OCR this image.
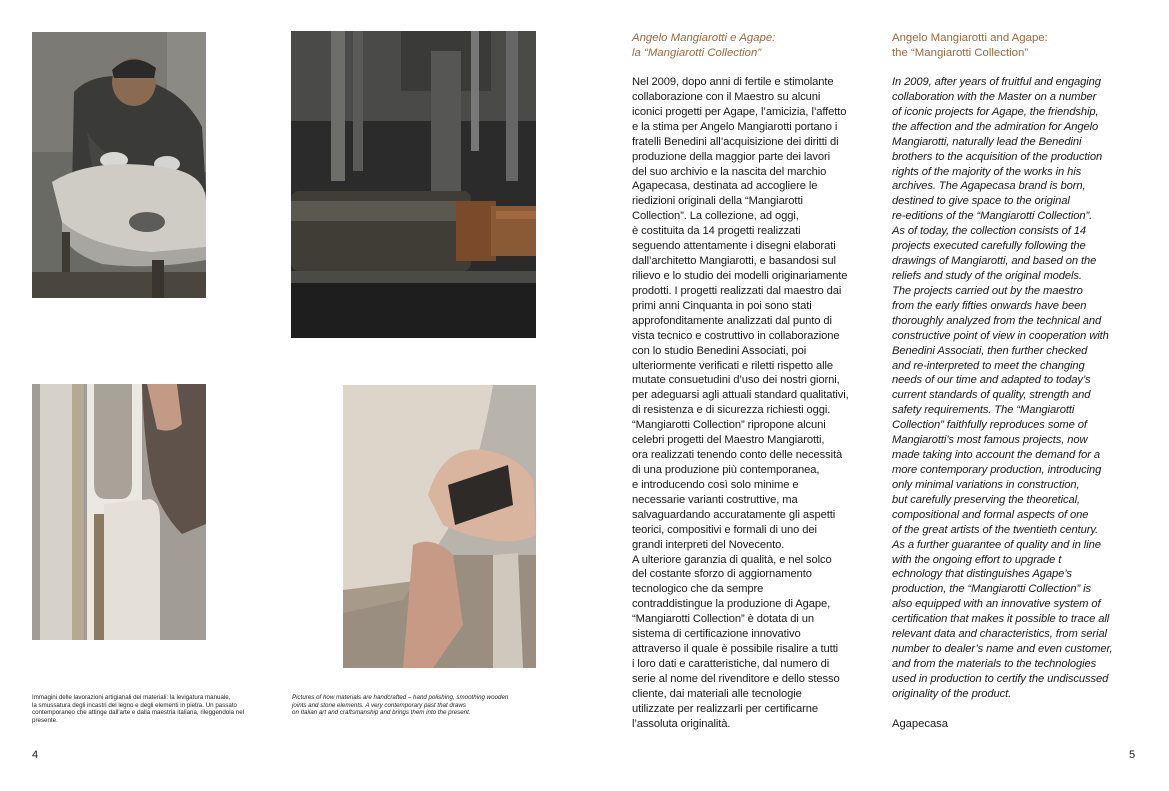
Immagini delle lavorazioni artigianali dei materiali: la levigatura manuale,
la smussatura degli incastri del legno e degli elementi in pietra. Un passato
contemporaneo che attinge dall'arte e dalla maestria italiana, rileggendola nel
presente.

Pictures of how materials are handcrafted – hand polishing, smoothing wooden
joints and stone elements. A very contemporary past that draws
on Italian art and craftsmanship and brings them into the present.

4
Angelo Mangiarotti e Agape:
la “Mangiarotti Collection”

Nel 2009, dopo anni di fertile e stimolante
collaborazione con il Maestro su alcuni
iconici progetti per Agape, l’amicizia, l’affetto
e la stima per Angelo Mangiarotti portano i
fratelli Benedini all’acquisizione dei diritti di
produzione della maggior parte dei lavori
del suo archivio e la nascita del marchio
Agapecasa, destinata ad accogliere le
riedizioni originali della “Mangiarotti
Collection”. La collezione, ad oggi,
è costituita da 14 progetti realizzati
seguendo attentamente i disegni elaborati
dall’architetto Mangiarotti, e basandosi sul
rilievo e lo studio dei modelli originariamente
prodotti. I progetti realizzati dal maestro dai
primi anni Cinquanta in poi sono stati
approfonditamente analizzati dal punto di
vista tecnico e costruttivo in collaborazione
con lo studio Benedini Associati, poi
ulteriormente verificati e riletti rispetto alle
mutate consuetudini d’uso dei nostri giorni,
per adeguarsi agli attuali standard qualitativi,
di resistenza e di sicurezza richiesti oggi.
“Mangiarotti Collection” ripropone alcuni
celebri progetti del Maestro Mangiarotti,
ora realizzati tenendo conto delle necessità
di una produzione più contemporanea,
e introducendo così solo minime e
necessarie varianti costruttive, ma
salvaguardando accuratamente gli aspetti
teorici, compositivi e formali di uno dei
grandi interpreti del Novecento.
A ulteriore garanzia di qualità, e nel solco
del costante sforzo di aggiornamento
tecnologico che da sempre
contraddistingue la produzione di Agape,
“Mangiarotti Collection” è dotata di un
sistema di certificazione innovativo
attraverso il quale è possibile risalire a tutti
i loro dati e caratteristiche, dal numero di
serie al nome del rivenditore e dello stesso
cliente, dai materiali alle tecnologie
utilizzate per realizzarli per certificarne
l’assoluta originalità.

Angelo Mangiarotti and Agape:
the “Mangiarotti Collection”

In 2009, after years of fruitful and engaging
collaboration with the Master on a number
of iconic projects for Agape, the friendship,
the affection and the admiration for Angelo
Mangiarotti, naturally lead the Benedini
brothers to the acquisition of the production
rights of the majority of the works in his
archives. The Agapecasa brand is born,
destined to give space to the original
re-editions of the “Mangiarotti Collection”.
As of today, the collection consists of 14
projects executed carefully following the
drawings of Mangiarotti, and based on the
reliefs and study of the original models.
The projects carried out by the maestro
from the early fifties onwards have been
thoroughly analyzed from the technical and
constructive point of view in cooperation with
Benedini Associati, then further checked
and re-interpreted to meet the changing
needs of our time and adapted to today’s
current standards of quality, strength and
safety requirements. The “Mangiarotti
Collection” faithfully reproduces some of
Mangiarotti’s most famous projects, now
made taking into account the demand for a
more contemporary production, introducing
only minimal variations in construction,
but carefully preserving the theoretical,
compositional and formal aspects of one
of the great artists of the twentieth century.
As a further guarantee of quality and in line
with the ongoing effort to upgrade t
echnology that distinguishes Agape’s
production, the “Mangiarotti Collection” is
also equipped with an innovative system of
certification that makes it possible to trace all
relevant data and characteristics, from serial
number to dealer’s name and even customer,
and from the materials to the technologies
used in production to certify the undiscussed
originality of the product.

Agapecasa

5
